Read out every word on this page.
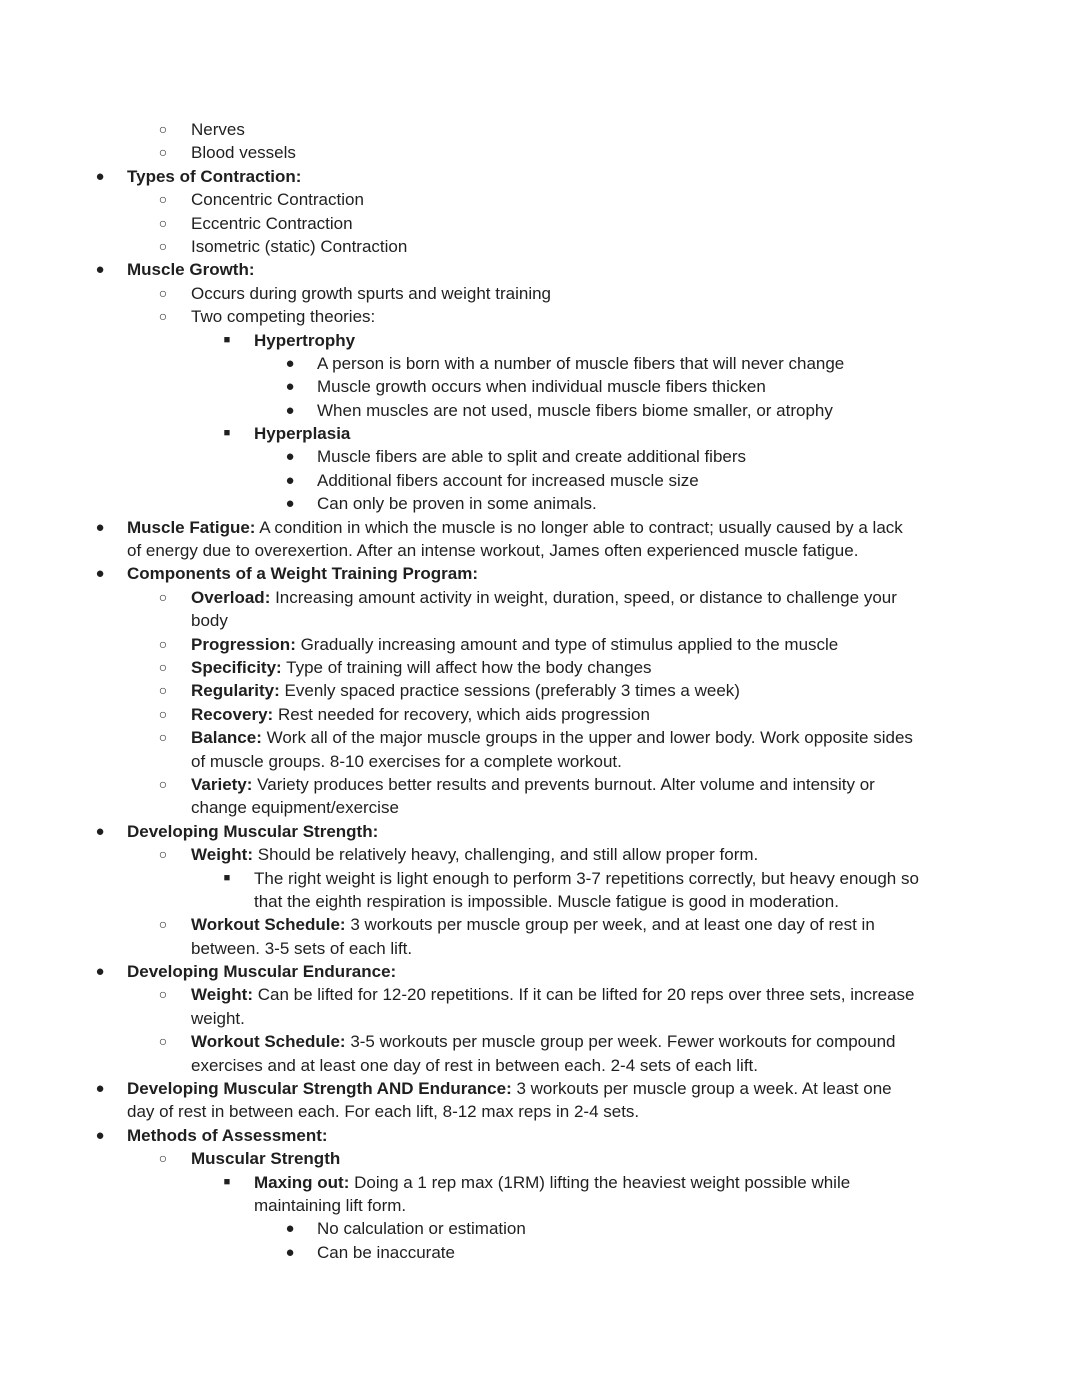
○	Nerves
○	Blood vessels
●	Types of Contraction:
○	Concentric Contraction
○	Eccentric Contraction
○	Isometric (static) Contraction
●	Muscle Growth:
○	Occurs during growth spurts and weight training
○	Two competing theories:
■	Hypertrophy
●	A person is born with a number of muscle fibers that will never change
●	Muscle growth occurs when individual muscle fibers thicken
●	When muscles are not used, muscle fibers biome smaller, or atrophy
■	Hyperplasia
●	Muscle fibers are able to split and create additional fibers
●	Additional fibers account for increased muscle size
●	Can only be proven in some animals.
●	Muscle Fatigue: A condition in which the muscle is no longer able to contract; usually caused by a lack
of energy due to overexertion. After an intense workout, James often experienced muscle fatigue.
●	Components of a Weight Training Program:
○	Overload: Increasing amount activity in weight, duration, speed, or distance to challenge your
body
○	Progression: Gradually increasing amount and type of stimulus applied to the muscle
○	Specificity: Type of training will affect how the body changes
○	Regularity: Evenly spaced practice sessions (preferably 3 times a week)
○	Recovery: Rest needed for recovery, which aids progression
○	Balance: Work all of the major muscle groups in the upper and lower body. Work opposite sides
of muscle groups. 8-10 exercises for a complete workout.
○	Variety: Variety produces better results and prevents burnout. Alter volume and intensity or
change equipment/exercise
●	Developing Muscular Strength:
○	Weight: Should be relatively heavy, challenging, and still allow proper form.
■	The right weight is light enough to perform 3-7 repetitions correctly, but heavy enough so
that the eighth respiration is impossible. Muscle fatigue is good in moderation.
○	Workout Schedule: 3 workouts per muscle group per week, and at least one day of rest in
between. 3-5 sets of each lift.
●	Developing Muscular Endurance:
○	Weight: Can be lifted for 12-20 repetitions. If it can be lifted for 20 reps over three sets, increase
weight.
○	Workout Schedule: 3-5 workouts per muscle group per week. Fewer workouts for compound
exercises and at least one day of rest in between each. 2-4 sets of each lift.
●	Developing Muscular Strength AND Endurance: 3 workouts per muscle group a week. At least one
day of rest in between each. For each lift, 8-12 max reps in 2-4 sets.
●	Methods of Assessment:
○	Muscular Strength
■	Maxing out: Doing a 1 rep max (1RM) lifting the heaviest weight possible while
maintaining lift form.
●	No calculation or estimation
●	Can be inaccurate
